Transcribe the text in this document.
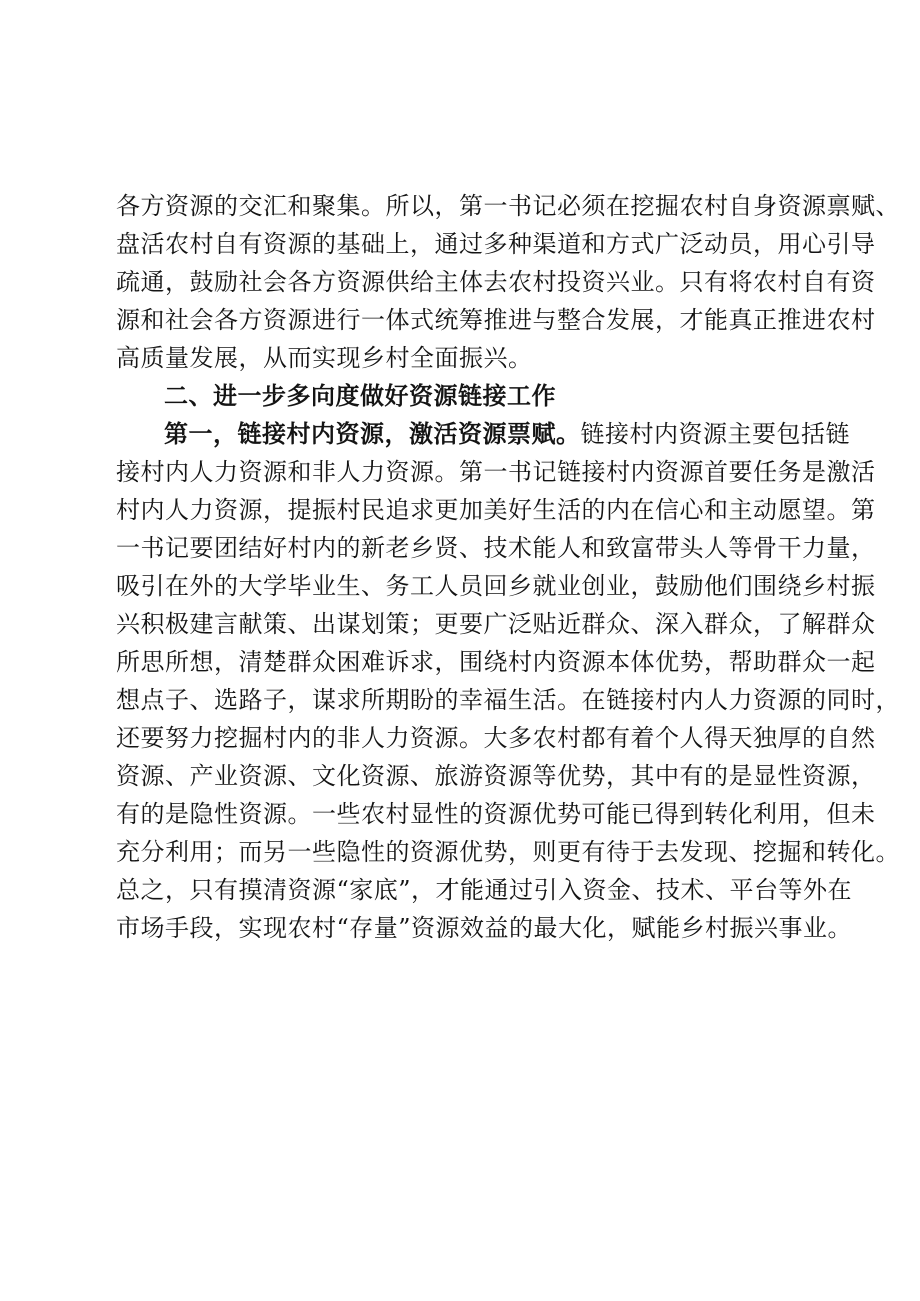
各方资源的交汇和聚集。所以，第一书记必须在挖掘农村自身资源禀赋、
盘活农村自有资源的基础上，通过多种渠道和方式广泛动员，用心引导
疏通，鼓励社会各方资源供给主体去农村投资兴业。只有将农村自有资
源和社会各方资源进行一体式统筹推进与整合发展，才能真正推进农村
高质量发展，从而实现乡村全面振兴。
二、进一步多向度做好资源链接工作
第一，链接村内资源，激活资源票赋。链接村内资源主要包括链
接村内人力资源和非人力资源。第一书记链接村内资源首要任务是激活
村内人力资源，提振村民追求更加美好生活的内在信心和主动愿望。第
一书记要团结好村内的新老乡贤、技术能人和致富带头人等骨干力量，
吸引在外的大学毕业生、务工人员回乡就业创业，鼓励他们围绕乡村振
兴积极建言献策、出谋划策；更要广泛贴近群众、深入群众，了解群众
所思所想，清楚群众困难诉求，围绕村内资源本体优势，帮助群众一起
想点子、选路子，谋求所期盼的幸福生活。在链接村内人力资源的同时，
还要努力挖掘村内的非人力资源。大多农村都有着个人得天独厚的自然
资源、产业资源、文化资源、旅游资源等优势，其中有的是显性资源，
有的是隐性资源。一些农村显性的资源优势可能已得到转化利用，但未
充分利用；而另一些隐性的资源优势，则更有待于去发现、挖掘和转化。
总之，只有摸清资源“家底”，才能通过引入资金、技术、平台等外在
市场手段，实现农村“存量”资源效益的最大化，赋能乡村振兴事业。
